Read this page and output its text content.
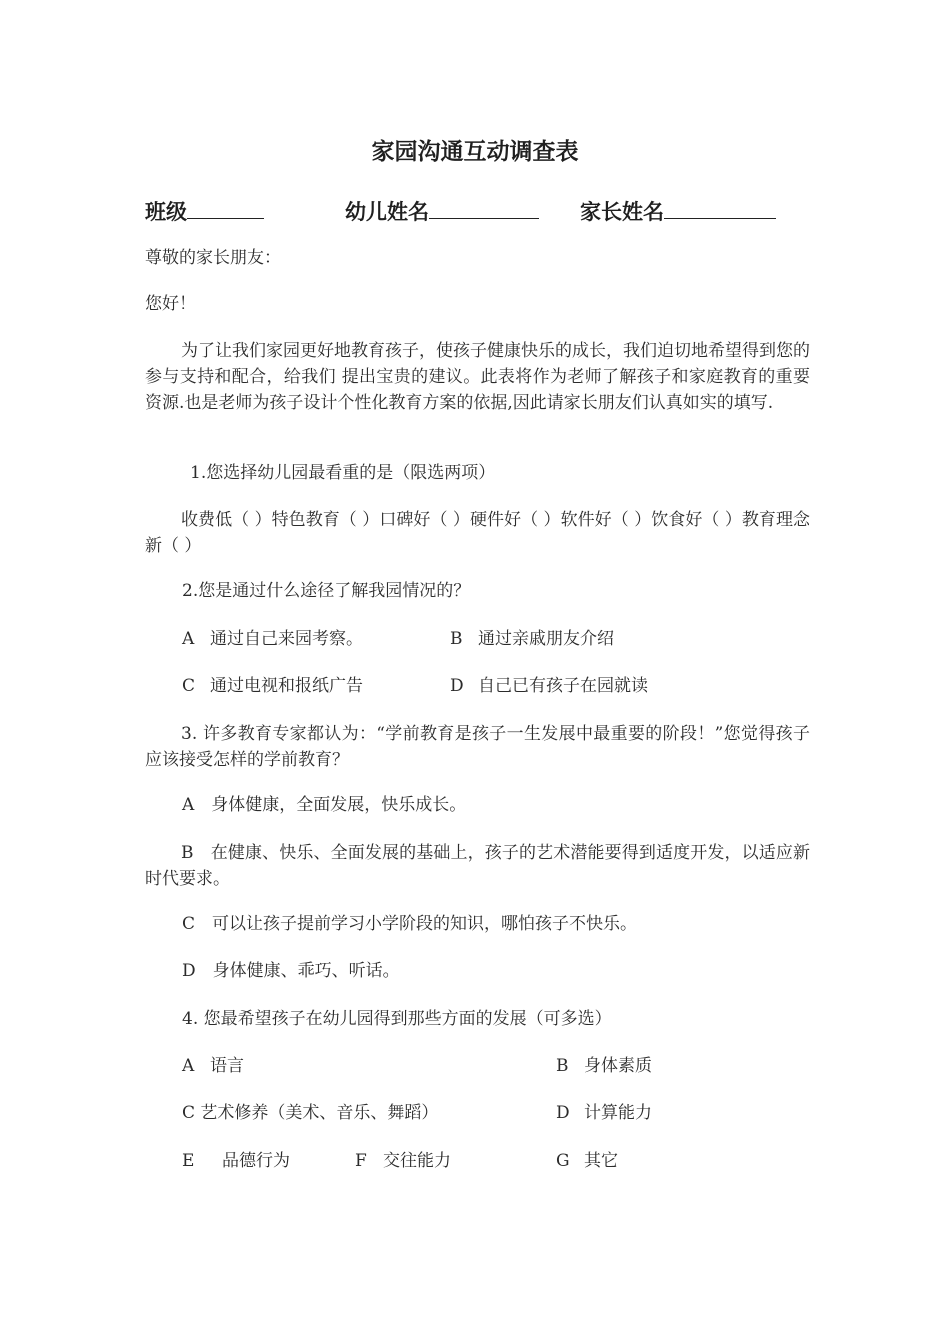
家园沟通互动调查表
班级	幼儿姓名	家长姓名
尊敬的家长朋友：
您好！
为了让我们家园更好地教育孩子，使孩子健康快乐的成长，我们迫切地希望得到您的参与支持和配合，给我们 提出宝贵的建议。此表将作为老师了解孩子和家庭教育的重要资源.也是老师为孩子设计个性化教育方案的依据,因此请家长朋友们认真如实的填写.
1.您选择幼儿园最看重的是（限选两项）
收费低（ ）特色教育（ ）口碑好（ ）硬件好（ ）软件好（ ）饮食好（ ）教育理念新（ ）
2.您是通过什么途径了解我园情况的？
A 通过自己来园考察。	B 通过亲戚朋友介绍
C 通过电视和报纸广告	D 自己已有孩子在园就读
3. 许多教育专家都认为：“学前教育是孩子一生发展中最重要的阶段！”您觉得孩子应该接受怎样的学前教育？
A　身体健康，全面发展，快乐成长。
B　在健康、快乐、全面发展的基础上，孩子的艺术潜能要得到适度开发，以适应新时代要求。
C　可以让孩子提前学习小学阶段的知识，哪怕孩子不快乐。
D　身体健康、乖巧、听话。
4. 您最希望孩子在幼儿园得到那些方面的发展（可多选）
A 语言	B 身体素质
C 艺术修养（美术、音乐、舞蹈）	D 计算能力
E 品德行为	F 交往能力	G 其它
